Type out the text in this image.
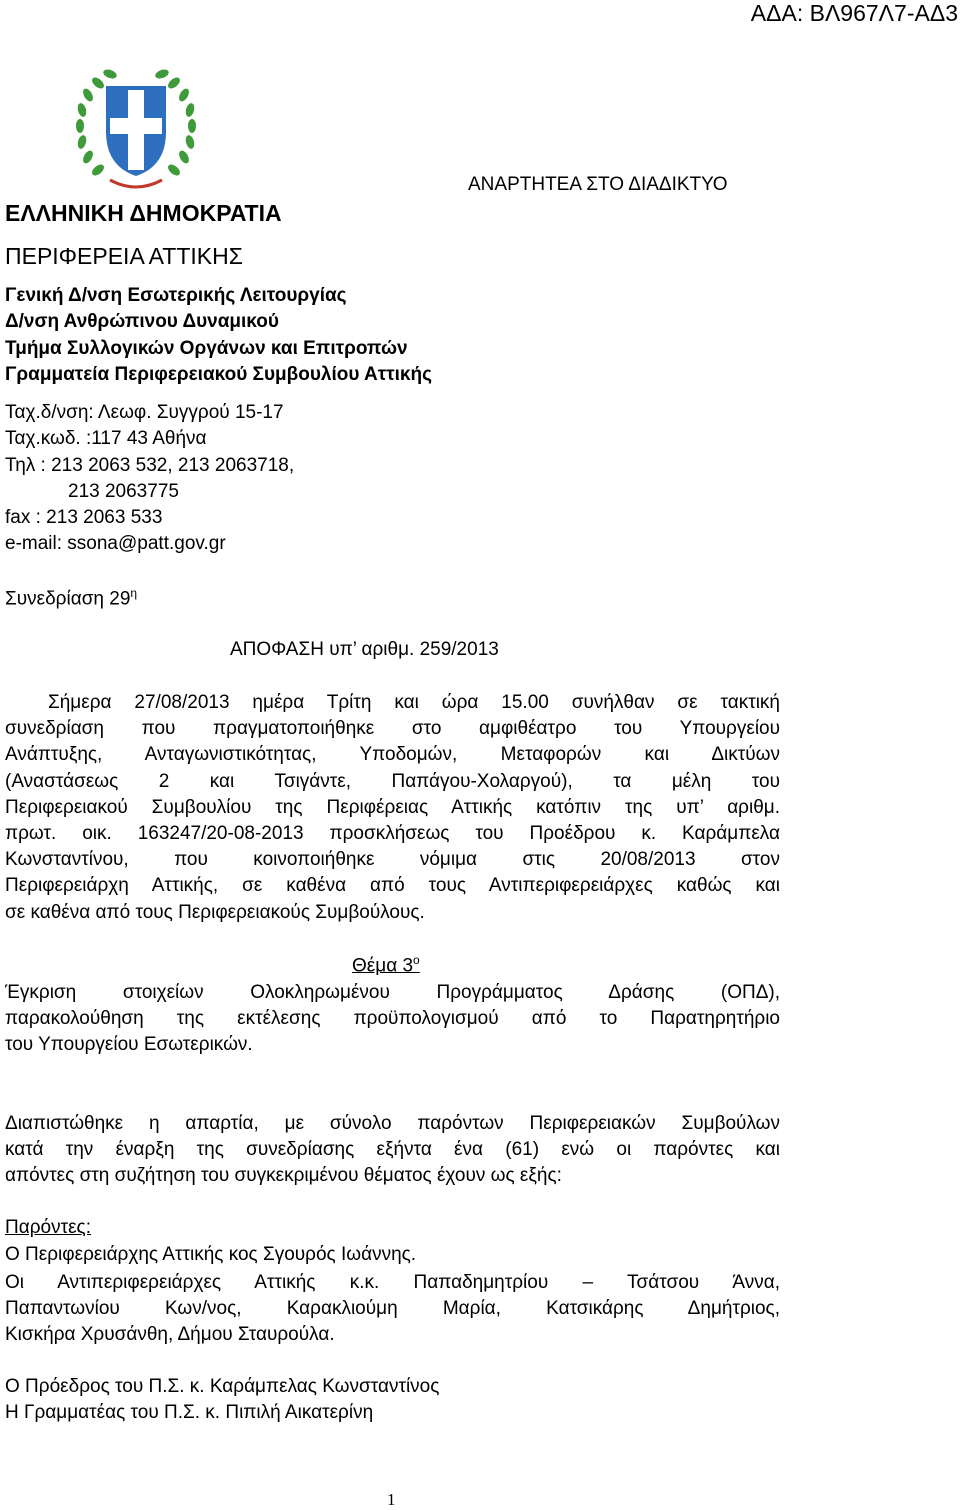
ΑΔΑ: ΒΛ967Λ7-ΑΔ3
ΑΝΑΡΤΗΤΕΑ ΣΤΟ ΔΙΑΔΙΚΤΥΟ
ΕΛΛΗΝΙΚΗ ΔΗΜΟΚΡΑΤΙΑ
ΠΕΡΙΦΕΡΕΙΑ ΑΤΤΙΚΗΣ
Γενική Δ/νση Εσωτερικής Λειτουργίας
Δ/νση Ανθρώπινου Δυναμικού
Τμήμα Συλλογικών Οργάνων και Επιτροπών
Γραμματεία Περιφερειακού Συμβουλίου Αττικής
Ταχ.δ/νση: Λεωφ. Συγγρού 15-17
Ταχ.κωδ. :117 43 Αθήνα
Τηλ : 213 2063 532, 213 2063718,
213 2063775
fax : 213 2063 533
e-mail: ssona@patt.gov.gr
Συνεδρίαση $29^\eta$
ΑΠΟΦΑΣΗ υπ’ αριθμ. 259/2013
Σήμερα 27/08/2013 ημέρα Τρίτη και ώρα 15.00 συνήλθαν σε τακτική
συνεδρίαση που πραγματοποιήθηκε στο αμφιθέατρο του Υπουργείου
Ανάπτυξης, Ανταγωνιστικότητας, Υποδομών, Μεταφορών και Δικτύων
(Αναστάσεως 2 και Τσιγάντε, Παπάγου-Χολαργού), τα μέλη του
Περιφερειακού Συμβουλίου της Περιφέρειας Αττικής κατόπιν της υπ’ αριθμ.
πρωτ. οικ. 163247/20-08-2013 προσκλήσεως του Προέδρου κ. Καράμπελα
Κωνσταντίνου, που κοινοποιήθηκε νόμιμα στις 20/08/2013 στον
Περιφερειάρχη Αττικής, σε καθένα από τους Αντιπεριφερειάρχες καθώς και
σε καθένα από τους Περιφερειακούς Συμβούλους.
Θέμα $3^o$
Έγκριση στοιχείων Ολοκληρωμένου Προγράμματος Δράσης (ΟΠΔ),
παρακολούθηση της εκτέλεσης προϋπολογισμού από το Παρατηρητήριο
του Υπουργείου Εσωτερικών.
Διαπιστώθηκε η απαρτία, με σύνολο παρόντων Περιφερειακών Συμβούλων
κατά την έναρξη της συνεδρίασης εξήντα ένα (61) ενώ οι παρόντες και
απόντες στη συζήτηση του συγκεκριμένου θέματος έχουν ως εξής:
Παρόντες:
Ο Περιφερειάρχης Αττικής κος Σγουρός Ιωάννης.
Οι Αντιπεριφερειάρχες Αττικής κ.κ. Παπαδημητρίου – Τσάτσου Άννα,
Παπαντωνίου Κων/νος, Καρακλιούμη Μαρία, Κατσικάρης Δημήτριος,
Κισκήρα Χρυσάνθη, Δήμου Σταυρούλα.
Ο Πρόεδρος του Π.Σ. κ. Καράμπελας Κωνσταντίνος
Η Γραμματέας του Π.Σ. κ. Πιπιλή Αικατερίνη
1
